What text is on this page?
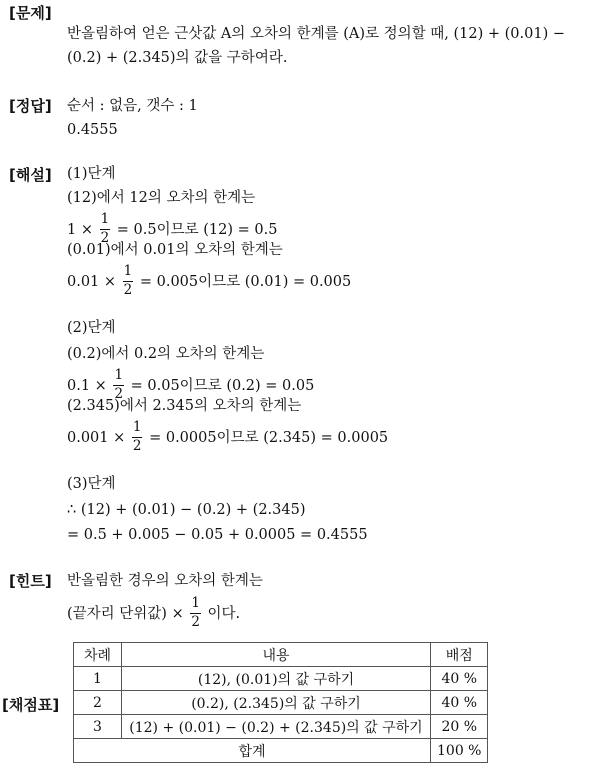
[문제]
반올림하여 얻은 근삿값 A의 오차의 한계를 (A)로 정의할 때, (12) + (0.01) −
(0.2) + (2.345)의 값을 구하여라.
[정답] 순서 : 없음, 갯수 : 1
0.4555
[해설] (1)단계
(12)에서 12의 오차의 한계는
$1 \times \frac{1}{2} = 0.5$이므로 (12) = 0.5
(0.01)에서 0.01의 오차의 한계는
$0.01 \times \frac{1}{2} = 0.005$이므로 (0.01) = 0.005
(2)단계
(0.2)에서 0.2의 오차의 한계는
$0.1 \times \frac{1}{2} = 0.05$이므로 (0.2) = 0.05
(2.345)에서 2.345의 오차의 한계는
$0.001 \times \frac{1}{2} = 0.0005$이므로 (2.345) = 0.0005
(3)단계
∴ (12) + (0.01) − (0.2) + (2.345)
= 0.5 + 0.005 − 0.05 + 0.0005 = 0.4555
[힌트] 반올림한 경우의 오차의 한계는
(끝자리 단위값) × $\frac{1}{2}$ 이다.
[채점표]
차례	내용	배점
1	(12), (0.01)의 값 구하기	40 %
2	(0.2), (2.345)의 값 구하기	40 %
3	(12) + (0.01) − (0.2) + (2.345)의 값 구하기	20 %
합계		100 %
